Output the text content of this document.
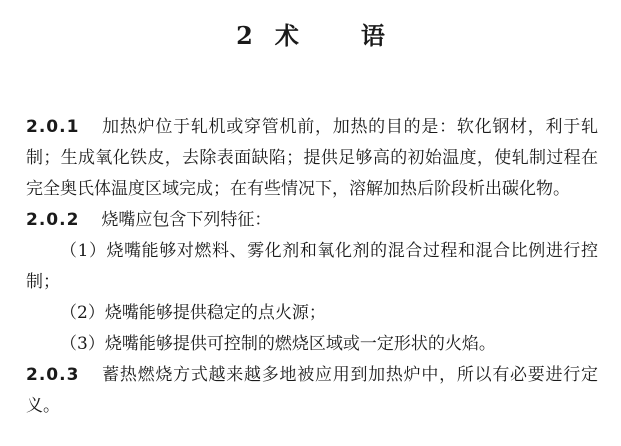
2 术	语

2.0.1 加热炉位于轧机或穿管机前，加热的目的是：软化钢材，利于轧制；生成氧化铁皮，去除表面缺陷；提供足够高的初始温度，使轧制过程在完全奥氏体温度区域完成；在有些情况下，溶解加热后阶段析出碳化物。

2.0.2 烧嘴应包含下列特征：

（1）烧嘴能够对燃料、雾化剂和氧化剂的混合过程和混合比例进行控制；

（2）烧嘴能够提供稳定的点火源；

（3）烧嘴能够提供可控制的燃烧区域或一定形状的火焰。

2.0.3 蓄热燃烧方式越来越多地被应用到加热炉中，所以有必要进行定义。
